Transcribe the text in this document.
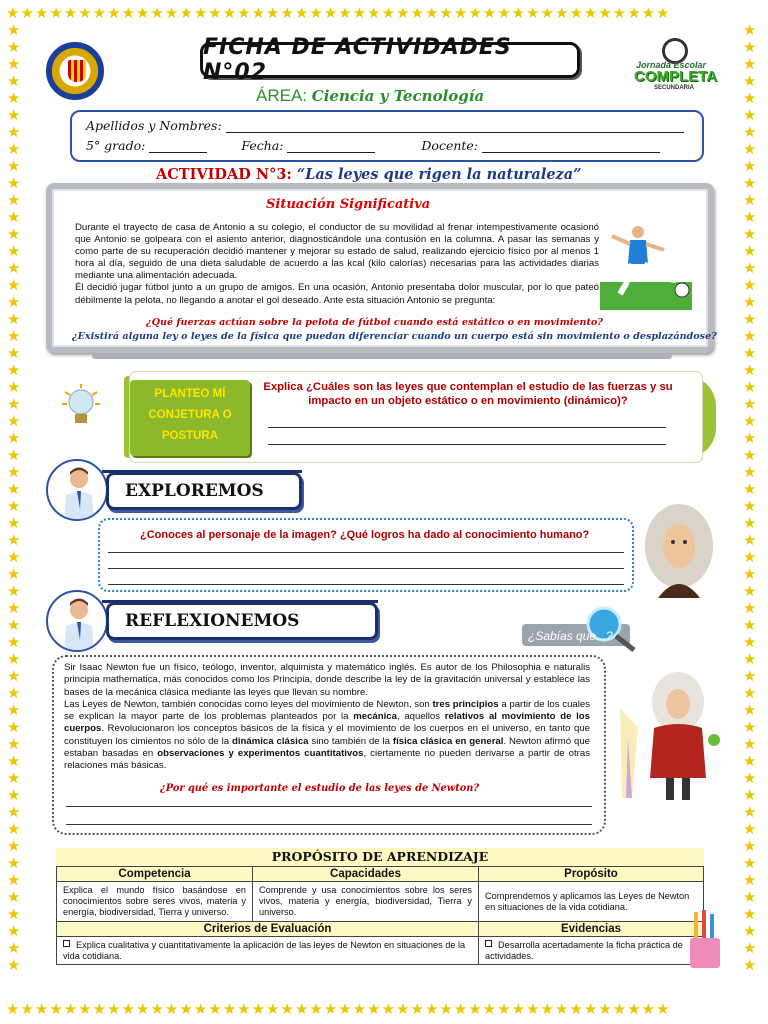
★★★★★★★★★★★★★★★★★★★★★★★★★★★★★★★★★★★★★★★★★★★★★★
★★★★★★★★★★★★★★★★★★★★★★★★★★★★★★★★★★★★★★★★★★★★★★
★★★★★★★★★★★★★★★★★★★★★★★★★★★★★★★★★★★★★★★★★★★★★★★★★★★★★★★★
★★★★★★★★★★★★★★★★★★★★★★★★★★★★★★★★★★★★★★★★★★★★★★★★★★★★★★★★
FICHA DE ACTIVIDADES N°02	Jornada Escolar
COMPLETA
SECUNDARIA
ÁREA: Ciencia y Tecnología
Apellidos y Nombres:
5° grado:	Fecha:	Docente:
ACTIVIDAD N°3: “Las leyes que rigen la naturaleza”
Situación Significativa
Durante el trayecto de casa de Antonio a su colegio, el conductor de su movilidad al frenar intempestivamente ocasionó que Antonio se golpeara con el asiento anterior, diagnosticándole una contusión en la columna. A pasar las semanas y como parte de su recuperación decidió mantener y mejorar su estado de salud, realizando ejercicio físico por al menos 1 hora al día, seguido de una dieta saludable de acuerdo a las kcal (kilo calorías) necesarias para las actividades diarias mediante una alimentación adecuada.
Él decidió jugar fútbol junto a un grupo de amigos. En una ocasión, Antonio presentaba dolor muscular, por lo que pateó débilmente la pelota, no llegando a anotar el gol deseado. Ante esta situación Antonio se pregunta:
¿Qué fuerzas actúan sobre la pelota de fútbol cuando está estático o en movimiento?
¿Existirá alguna ley o leyes de la física que puedan diferenciar cuando un cuerpo está sin movimiento o desplazándose?
PLANTEO MÍ
CONJETURA O
POSTURA
Explica ¿Cuáles son las leyes que contemplan el estudio de las fuerzas y su impacto en un objeto estático o en movimiento (dinámico)?
EXPLOREMOS
¿Conoces al personaje de la imagen? ¿Qué logros ha dado al conocimiento humano?
REFLEXIONEMOS
¿Sabías que...?
Sir Isaac Newton fue un físico, teólogo, inventor, alquimista y matemático inglés. Es autor de los Philosophia e naturalis principia mathematica, más conocidos como los Principia, donde describe la ley de la gravitación universal y establece las bases de la mecánica clásica mediante las leyes que llevan su nombre.
Las Leyes de Newton, también conocidas como leyes del movimiento de Newton, son tres principios a partir de los cuales se explican la mayor parte de los problemas planteados por la mecánica, aquellos relativos al movimiento de los cuerpos. Revolucionaron los conceptos básicos de la física y el movimiento de los cuerpos en el universo, en tanto que constituyen los cimientos no sólo de la dinámica clásica sino también de la física clásica en general. Newton afirmó que estaban basadas en observaciones y experimentos cuantitativos, ciertamente no pueden derivarse a partir de otras relaciones más básicas.
¿Por qué es importante el estudio de las leyes de Newton?
PROPÓSITO DE APRENDIZAJE
Competencia	Capacidades	Propósito
Explica el mundo físico basándose en conocimientos sobre seres vivos, materia y energía, biodiversidad, Tierra y universo.	Comprende y usa conocimientos sobre los seres vivos, materia y energía, biodiversidad, Tierra y universo.	Comprendemos y aplicamos las Leyes de Newton en situaciones de la vida cotidiana.
Criterios de Evaluación		Evidencias
Explica cualitativa y cuantitativamente la aplicación de las leyes de Newton en situaciones de la vida cotidiana.		Desarrolla acertadamente la ficha práctica de actividades.
